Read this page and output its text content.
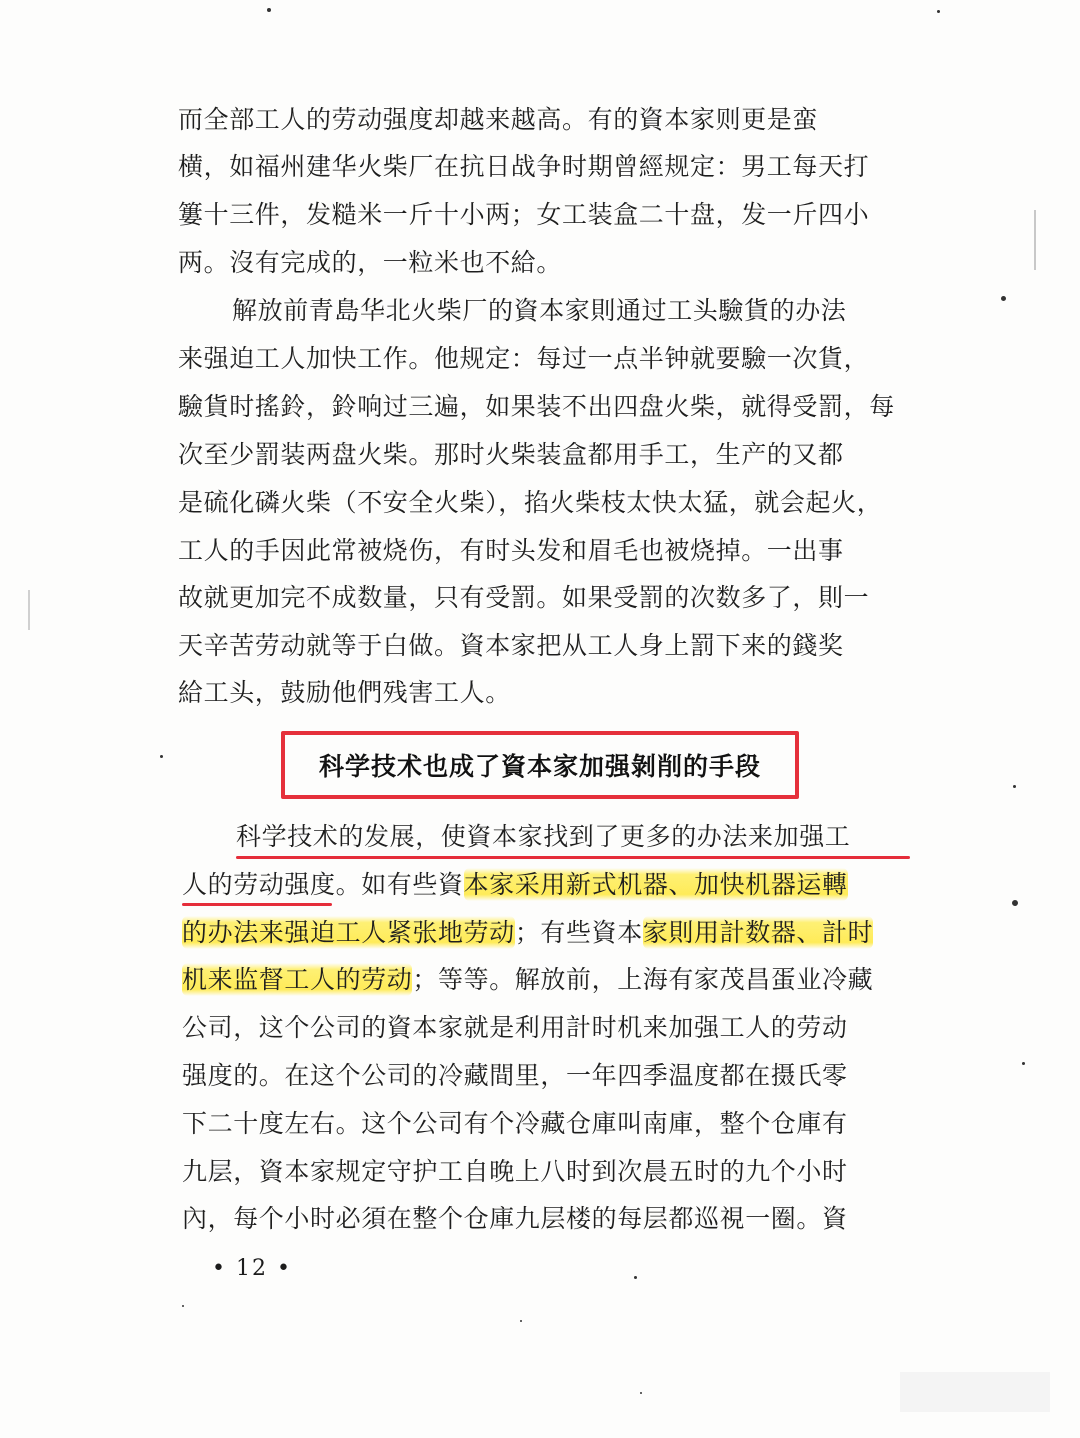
而全部工人的劳动强度却越来越高。有的資本家则更是蛮
横，如福州建华火柴厂在抗日战争时期曾經规定：男工每天打
簍十三件，发糙米一斤十小两；女工装盒二十盘，发一斤四小
两。沒有完成的，一粒米也不給。
解放前青島华北火柴厂的資本家則通过工头驗貨的办法
来强迫工人加快工作。他规定：每过一点半钟就要驗一次貨，
驗貨时搖鈴，鈴响过三遍，如果装不出四盘火柴，就得受罰，每
次至少罰装两盘火柴。那时火柴装盒都用手工，生产的又都
是硫化磷火柴（不安全火柴），掐火柴枝太快太猛，就会起火，
工人的手因此常被烧伤，有时头发和眉毛也被烧掉。一出事
故就更加完不成数量，只有受罰。如果受罰的次数多了，則一
天辛苦劳动就等于白做。資本家把从工人身上罰下来的錢奖
給工头，鼓励他們残害工人。
科学技术也成了資本家加强剝削的手段
科学技术的发展，使資本家找到了更多的办法来加强工
人的劳动强度。如有些資本家采用新式机器、加快机器运轉
的办法来强迫工人紧张地劳动；有些資本家則用計数器、計时
机来监督工人的劳动；等等。解放前，上海有家茂昌蛋业冷藏
公司，这个公司的資本家就是利用計时机来加强工人的劳动
强度的。在这个公司的冷藏間里，一年四季温度都在摄氏零
下二十度左右。这个公司有个冷藏仓庫叫南庫，整个仓庫有
九层，資本家规定守护工自晚上八时到次晨五时的九个小时
內，每个小时必須在整个仓庫九层楼的每层都巡視一圈。資
• 12 •
